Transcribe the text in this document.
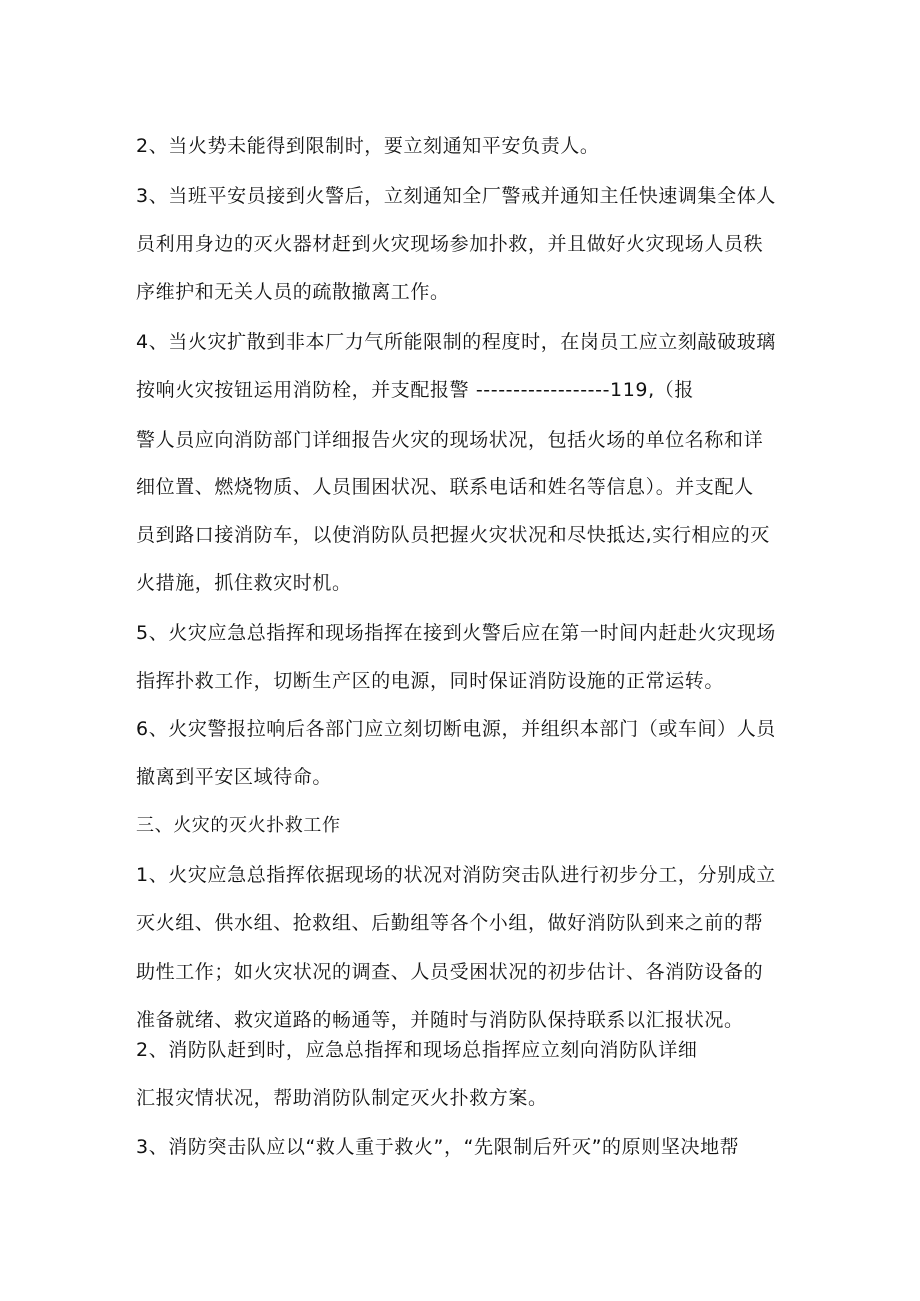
2、当火势未能得到限制时，要立刻通知平安负责人。
3、当班平安员接到火警后，立刻通知全厂警戒并通知主任快速调集全体人
员利用身边的灭火器材赶到火灾现场参加扑救，并且做好火灾现场人员秩
序维护和无关人员的疏散撤离工作。
4、当火灾扩散到非本厂力气所能限制的程度时，在岗员工应立刻敲破玻璃
按响火灾按钮运用消防栓，并支配报警 ------------------119,（报
警人员应向消防部门详细报告火灾的现场状况，包括火场的单位名称和详
细位置、燃烧物质、人员围困状况、联系电话和姓名等信息）。并支配人
员到路口接消防车，以使消防队员把握火灾状况和尽快抵达,实行相应的灭
火措施，抓住救灾时机。
5、火灾应急总指挥和现场指挥在接到火警后应在第一时间内赶赴火灾现场
指挥扑救工作，切断生产区的电源，同时保证消防设施的正常运转。
6、火灾警报拉响后各部门应立刻切断电源，并组织本部门（或车间）人员
撤离到平安区域待命。
三、火灾的灭火扑救工作
1、火灾应急总指挥依据现场的状况对消防突击队进行初步分工，分别成立
灭火组、供水组、抢救组、后勤组等各个小组，做好消防队到来之前的帮
助性工作；如火灾状况的调查、人员受困状况的初步估计、各消防设备的
准备就绪、救灾道路的畅通等，并随时与消防队保持联系以汇报状况。
2、消防队赶到时，应急总指挥和现场总指挥应立刻向消防队详细
汇报灾情状况，帮助消防队制定灭火扑救方案。
3、消防突击队应以“救人重于救火”，“先限制后歼灭”的原则坚决地帮
